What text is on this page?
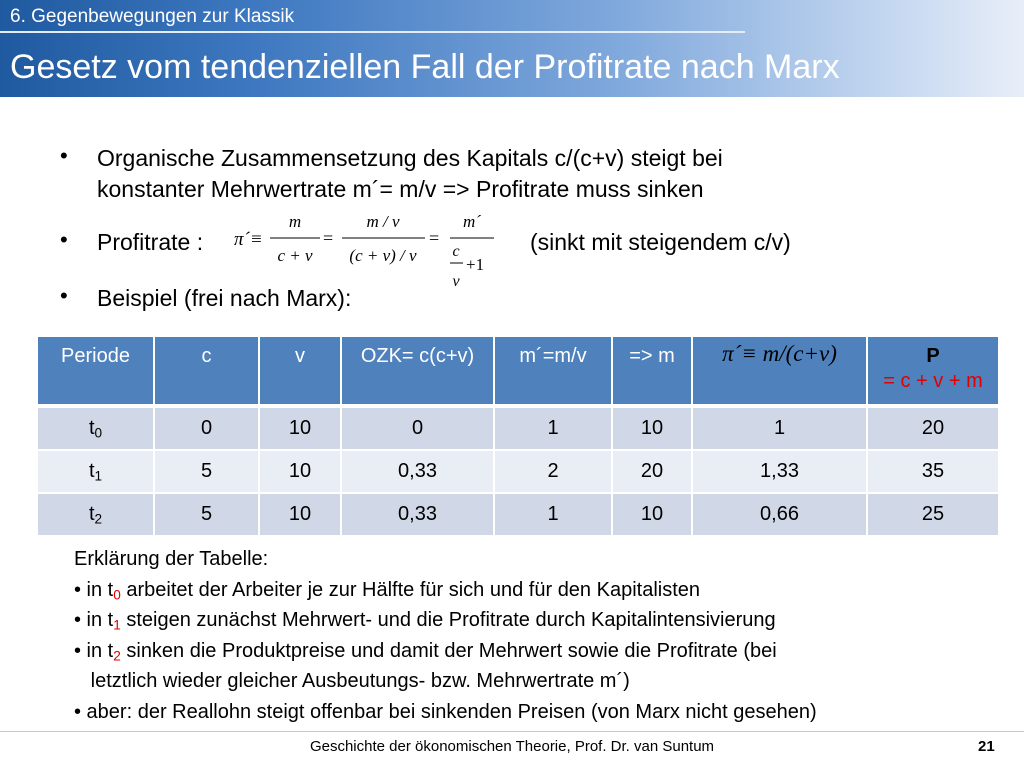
6. Gegenbewegungen zur Klassik
Gesetz vom tendenziellen Fall der Profitrate nach Marx
• Organische Zusammensetzung des Kapitals c/(c+v) steigt bei
konstanter Mehrwertrate m´= m/v => Profitrate muss sinken
• Profitrate :	(sinkt mit steigendem c/v)
π´≡
m
c + v
=
m / v
(c + v) / v
=
m´
c
v
+1
• Beispiel (frei nach Marx):
Periode	c	v	OZK= c(c+v)	m´=m/v	=> m	π´≡ m/(c+v)	P
= c + v + m

$t_0$	0	10	0	1	10	1	20
$t_1$	5	10	0,33	2	20	1,33	35
$t_2$	5	10	0,33	1	10	0,66	25
Erklärung der Tabelle:
• in $t_0$ arbeitet der Arbeiter je zur Hälfte für sich und für den Kapitalisten
• in $t_1$ steigen zunächst Mehrwert- und die Profitrate durch Kapitalintensivierung
• in $t_2$ sinken die Produktpreise und damit der Mehrwert sowie die Profitrate (bei
letztlich wieder gleicher Ausbeutungs- bzw. Mehrwertrate m´)
• aber: der Reallohn steigt offenbar bei sinkenden Preisen (von Marx nicht gesehen)
Geschichte der ökonomischen Theorie, Prof. Dr. van Suntum	21
